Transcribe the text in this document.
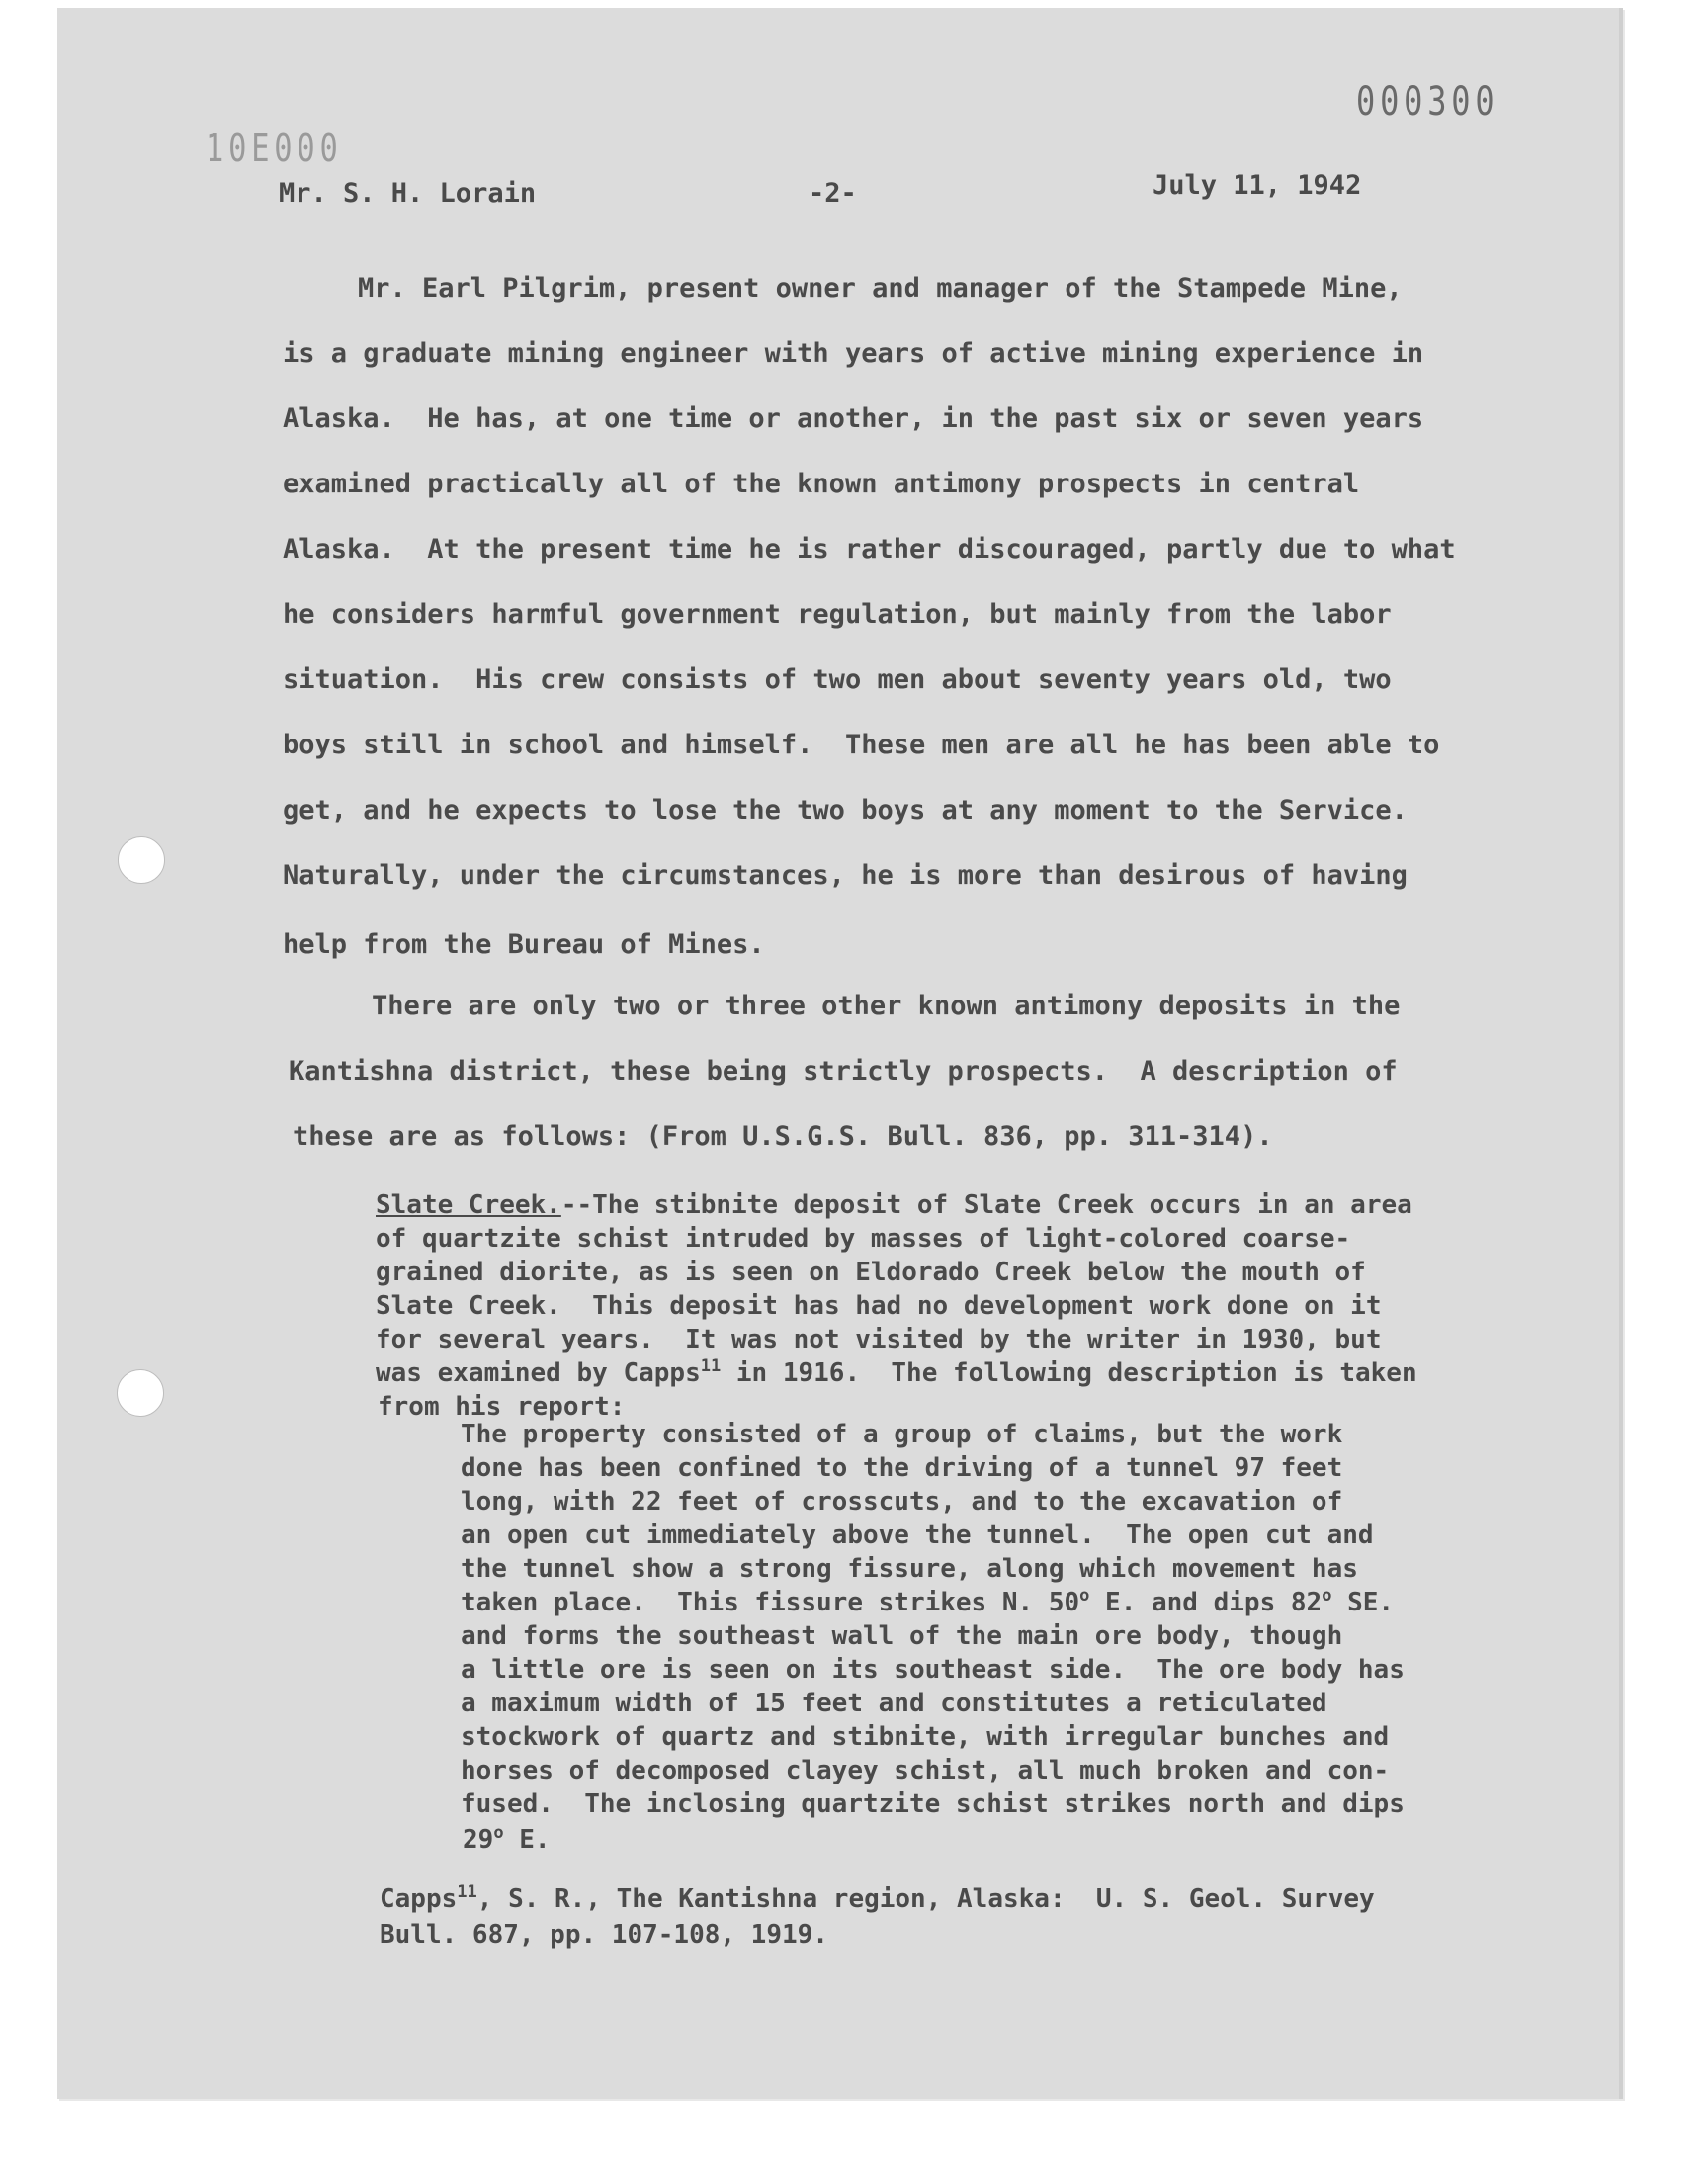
000300
10E000
Mr. S. H. Lorain	-2-	July 11, 1942
Mr. Earl Pilgrim, present owner and manager of the Stampede Mine,
is a graduate mining engineer with years of active mining experience in
Alaska.  He has, at one time or another, in the past six or seven years
examined practically all of the known antimony prospects in central
Alaska.  At the present time he is rather discouraged, partly due to what
he considers harmful government regulation, but mainly from the labor
situation.  His crew consists of two men about seventy years old, two
boys still in school and himself.  These men are all he has been able to
get, and he expects to lose the two boys at any moment to the Service.
Naturally, under the circumstances, he is more than desirous of having
help from the Bureau of Mines.
There are only two or three other known antimony deposits in the
Kantishna district, these being strictly prospects.  A description of
these are as follows: (From U.S.G.S. Bull. 836, pp. 311-314).
Slate Creek.--The stibnite deposit of Slate Creek occurs in an area
of quartzite schist intruded by masses of light-colored coarse-
grained diorite, as is seen on Eldorado Creek below the mouth of
Slate Creek.  This deposit has had no development work done on it
for several years.  It was not visited by the writer in 1930, but
was examined by Capps$^{11}$ in 1916.  The following description is taken
from his report:
The property consisted of a group of claims, but the work
done has been confined to the driving of a tunnel 97 feet
long, with 22 feet of crosscuts, and to the excavation of
an open cut immediately above the tunnel.  The open cut and
the tunnel show a strong fissure, along which movement has
taken place.  This fissure strikes N. 50$^o$ E. and dips 82$^o$ SE.
and forms the southeast wall of the main ore body, though
a little ore is seen on its southeast side.  The ore body has
a maximum width of 15 feet and constitutes a reticulated
stockwork of quartz and stibnite, with irregular bunches and
horses of decomposed clayey schist, all much broken and con-
fused.  The inclosing quartzite schist strikes north and dips
29$^o$ E.
Capps$^{11}$, S. R., The Kantishna region, Alaska:  U. S. Geol. Survey
Bull. 687, pp. 107-108, 1919.
